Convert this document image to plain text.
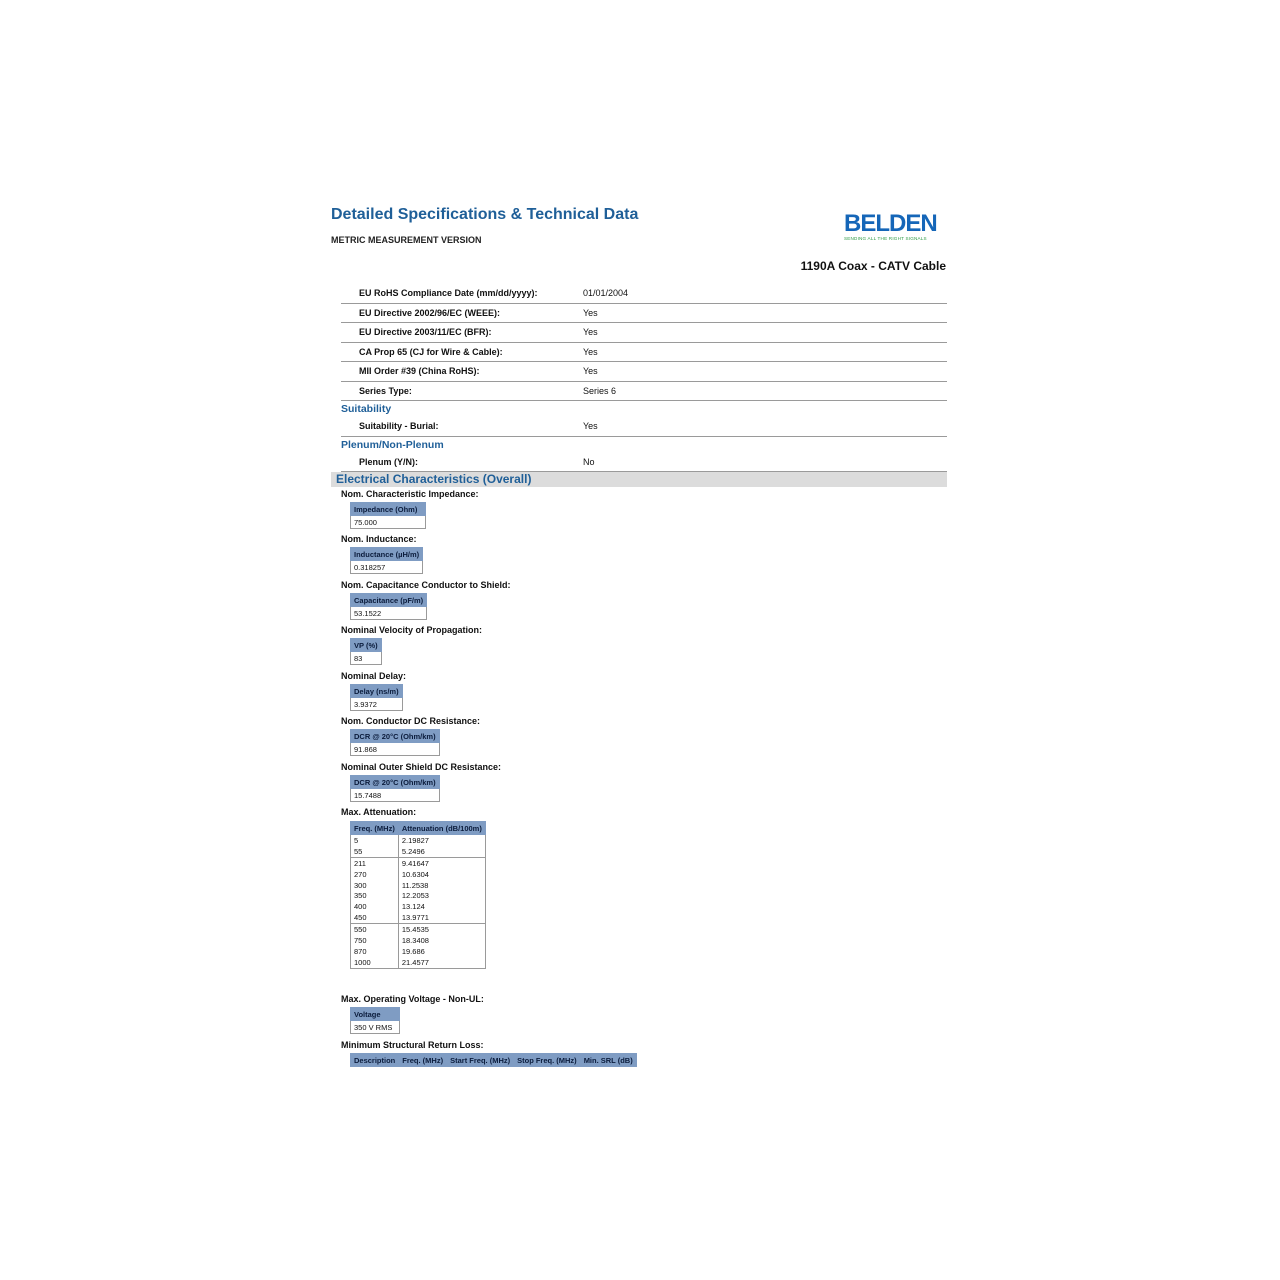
Detailed Specifications & Technical Data
METRIC MEASUREMENT VERSION
BELDEN
SENDING ALL THE RIGHT SIGNALS
1190A Coax - CATV Cable
EU RoHS Compliance Date (mm/dd/yyyy):	01/01/2004
EU Directive 2002/96/EC (WEEE):	Yes
EU Directive 2003/11/EC (BFR):	Yes
CA Prop 65 (CJ for Wire & Cable):	Yes
MII Order #39 (China RoHS):	Yes
Series Type:	Series 6
Suitability
Suitability - Burial:	Yes
Plenum/Non-Plenum
Plenum (Y/N):	No
Electrical Characteristics (Overall)
Nom. Characteristic Impedance:
Impedance (Ohm)
75.000
Nom. Inductance:
Inductance (µH/m)
0.318257
Nom. Capacitance Conductor to Shield:
Capacitance (pF/m)
53.1522
Nominal Velocity of Propagation:
VP (%)
83
Nominal Delay:
Delay (ns/m)
3.9372
Nom. Conductor DC Resistance:
DCR @ 20°C (Ohm/km)
91.868
Nominal Outer Shield DC Resistance:
DCR @ 20°C (Ohm/km)
15.7488
Max. Attenuation:
Freq. (MHz)	Attenuation (dB/100m)
5	2.19827
55	5.2496
211	9.41647
270	10.6304
300	11.2538
350	12.2053
400	13.124
450	13.9771
550	15.4535
750	18.3408
870	19.686
1000	21.4577
Max. Operating Voltage - Non-UL:
Voltage
350 V RMS
Minimum Structural Return Loss:
Description	Freq. (MHz)	Start Freq. (MHz)	Stop Freq. (MHz)	Min. SRL (dB)
